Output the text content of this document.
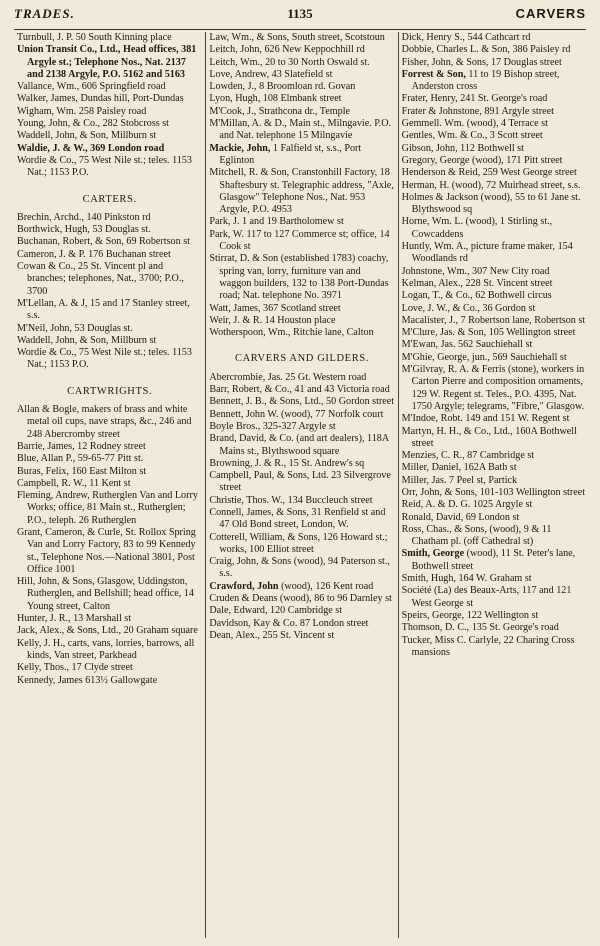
TRADES.	1135	CARVERS
Turnbull, J. P. 50 South Kinning place
Union Transit Co., Ltd., Head offices, 381 Argyle st.; Telephone Nos., Nat. 2137 and 2138 Argyle, P.O. 5162 and 5163
Vallance, Wm., 606 Springfield road
Walker, James, Dundas hill, Port-Dundas
Wigham, Wm. 258 Paisley road
Young, John, & Co., 282 Stobcross st
Waddell, John, & Son, Millburn st
Waldie, J. & W., 369 London road
Wordie & Co., 75 West Nile st.; teles. 1153 Nat.; 1153 P.O.
CARTERS.
Brechin, Archd., 140 Pinkston rd
Borthwick, Hugh, 53 Douglas st.
Buchanan, Robert, & Son, 69 Robertson st
Cameron, J. & P. 176 Buchanan street
Cowan & Co., 25 St. Vincent pl and branches; telephones, Nat., 3700; P.O., 3700
M'Lellan, A. & J, 15 and 17 Stanley street, s.s.
M'Neil, John, 53 Douglas st.
Waddell, John, & Son, Millburn st
Wordie & Co., 75 West Nile st.; teles. 1153 Nat.; 1153 P.O.
CARTWRIGHTS.
Allan & Bogle, makers of brass and white metal oil cups, nave straps, &c., 246 and 248 Abercromby street
Barrie, James, 12 Rodney street
Blue, Allan P., 59-65-77 Pitt st.
Buras, Felix, 160 East Milton st
Campbell, R. W., 11 Kent st
Fleming, Andrew, Rutherglen Van and Lorry Works; office, 81 Main st., Rutherglen; P.O., teleph. 26 Rutherglen
Grant, Cameron, & Curle, St. Rollox Spring Van and Lorry Factory, 83 to 99 Kennedy st., Telephone Nos.—National 3801, Post Office 1001
Hill, John, & Sons, Glasgow, Uddingston, Rutherglen, and Bellshill; head office, 14 Young street, Calton
Hunter, J. R., 13 Marshall st
Jack, Alex., & Sons, Ltd., 20 Graham square
Kelly, J. H., carts, vans, lorries, barrows, all kinds, Van street, Parkhead
Kelly, Thos., 17 Clyde street
Kennedy, James 613½ Gallowgate
Law, Wm., & Sons, South street, Scotstoun
Leitch, John, 626 New Keppochhill rd
Leitch, Wm., 20 to 30 North Oswald st.
Love, Andrew, 43 Slatefield st
Lowden, J., 8 Broomloan rd. Govan
Lyon, Hugh, 108 Elmbank street
M'Cook, J., Strathcona dr., Temple
M'Millan, A. & D., Main st., Milngavie. P.O. and Nat. telephone 15 Milngavie
Mackie, John, 1 Falfield st, s.s., Port Eglinton
Mitchell, R. & Son, Cranstonhill Factory, 18 Shaftesbury st. Telegraphic address, "Axle, Glasgow" Telephone Nos., Nat. 953 Argyle, P.O. 4953
Park, J. 1 and 19 Bartholomew st
Park, W. 117 to 127 Commerce st; office, 14 Cook st
Stirrat, D. & Son (established 1783) coachy, spring van, lorry, furniture van and waggon builders, 132 to 138 Port-Dundas road; Nat. telephone No. 3971
Watt, James, 367 Scotland street
Weir, J. & R. 14 Houston place
Wotherspoon, Wm., Ritchie lane, Calton
CARVERS AND GILDERS.
Abercrombie, Jas. 25 Gt. Western road
Barr, Robert, & Co., 41 and 43 Victoria road
Bennett, J. B., & Sons, Ltd., 50 Gordon street
Bennett, John W. (wood), 77 Norfolk court
Boyle Bros., 325-327 Argyle st
Brand, David, & Co. (and art dealers), 118A Mains st., Blythswood square
Browning, J. & R., 15 St. Andrew's sq
Campbell, Paul, & Sons, Ltd. 23 Silvergrove street
Christie, Thos. W., 134 Buccleuch street
Connell, James, & Sons, 31 Renfield st and 47 Old Bond street, London, W.
Cotterell, William, & Sons, 126 Howard st.; works, 100 Elliot street
Craig, John, & Sons (wood), 94 Paterson st., s.s.
Crawford, John (wood), 126 Kent road
Cruden & Deans (wood), 86 to 96 Darnley st
Dale, Edward, 120 Cambridge st
Davidson, Kay & Co. 87 London street
Dean, Alex., 255 St. Vincent st
Dick, Henry S., 544 Cathcart rd
Dobbie, Charles L. & Son, 386 Paisley rd
Fisher, John, & Sons, 17 Douglas street
Forrest & Son, 11 to 19 Bishop street, Anderston cross
Frater, Henry, 241 St. George's road
Frater & Johnstone, 891 Argyle street
Gemmell. Wm. (wood), 4 Terrace st
Gentles, Wm. & Co., 3 Scott street
Gibson, John, 112 Bothwell st
Gregory, George (wood), 171 Pitt street
Henderson & Reid, 259 West George street
Herman, H. (wood), 72 Muirhead street, s.s.
Holmes & Jackson (wood), 55 to 61 Jane st. Blythswood sq
Horne, Wm. L. (wood), 1 Stirling st., Cowcaddens
Huntly, Wm. A., picture frame maker, 154 Woodlands rd
Johnstone, Wm., 307 New City road
Kelman, Alex., 228 St. Vincent street
Logan, T., & Co., 62 Bothwell circus
Love, J. W., & Co., 36 Gordon st
Macalister, J., 7 Robertson lane, Robertson st
M'Clure, Jas. & Son, 105 Wellington street
M'Ewan, Jas. 562 Sauchiehall st
M'Ghie, George, jun., 569 Sauchiehall st
M'Gilvray, R. A. & Ferris (stone), workers in Carton Pierre and composition ornaments, 129 W. Regent st. Teles., P.O. 4395, Nat. 1750 Argyle; telegrams, "Fibre," Glasgow.
M'Indoe, Robt. 149 and 151 W. Regent st
Martyn, H. H., & Co., Ltd., 160A Bothwell street
Menzies, C. R., 87 Cambridge st
Miller, Daniel, 162A Bath st
Miller, Jas. 7 Peel st, Partick
Orr, John, & Sons, 101-103 Wellington street
Reid, A. & D. G. 1025 Argyle st
Ronald, David, 69 London st
Ross, Chas., & Sons, (wood), 9 & 11 Chatham pl. (off Cathedral st)
Smith, George (wood), 11 St. Peter's lane, Bothwell street
Smith, Hugh, 164 W. Graham st
Société (La) des Beaux-Arts, 117 and 121 West George st
Speirs, George, 122 Wellington st
Thomson, D. C., 135 St. George's road
Tucker, Miss C. Carlyle, 22 Charing Cross mansions
